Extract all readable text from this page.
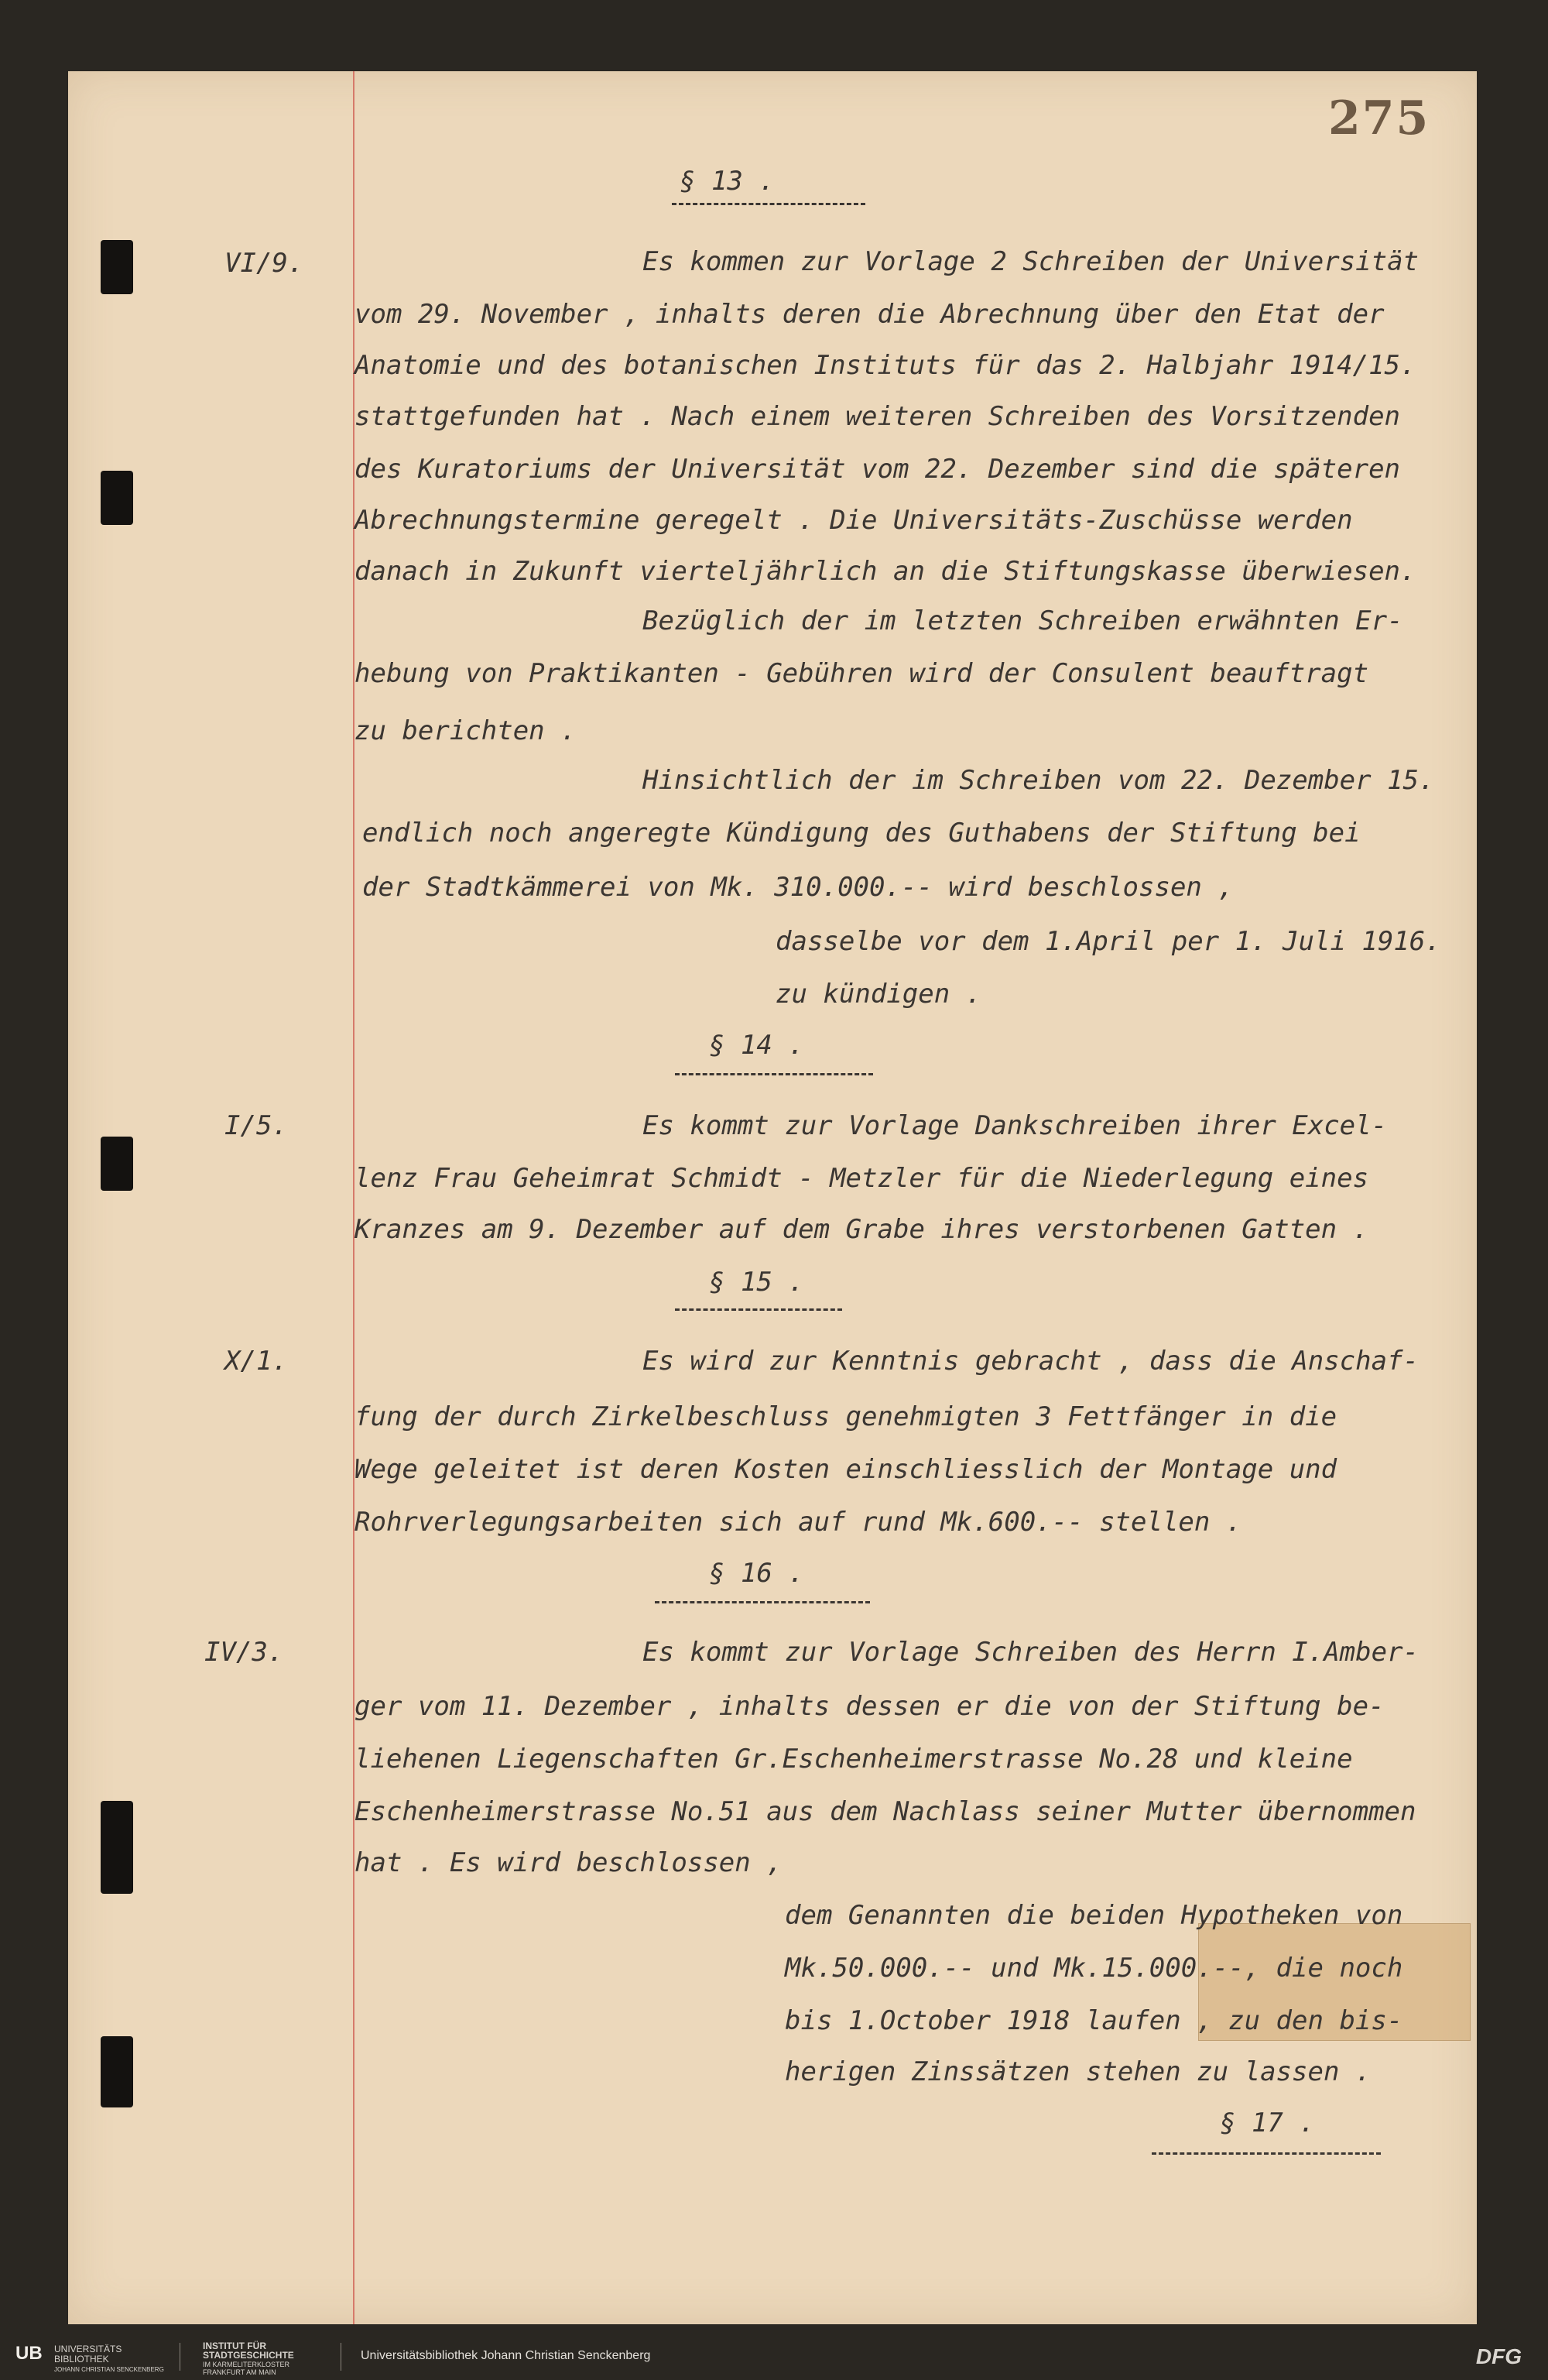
275
§ 13 .
VI/9.	Es kommen zur Vorlage 2 Schreiben der Universität
vom 29. November , inhalts deren die Abrechnung über den Etat der
Anatomie und des botanischen Instituts für das 2. Halbjahr 1914/15.
stattgefunden hat . Nach einem weiteren Schreiben des Vorsitzenden
des Kuratoriums der Universität vom 22. Dezember sind die späteren
Abrechnungstermine geregelt . Die Universitäts-Zuschüsse werden
danach in Zukunft vierteljährlich an die Stiftungskasse überwiesen.
Bezüglich der im letzten Schreiben erwähnten Er-
hebung von Praktikanten - Gebühren wird der Consulent beauftragt
zu berichten .
Hinsichtlich der im Schreiben vom 22. Dezember 15.
endlich noch angeregte Kündigung des Guthabens der Stiftung bei
der Stadtkämmerei von Mk. 310.000.-- wird beschlossen ,
dasselbe vor dem 1.April per 1. Juli 1916.
zu kündigen .
§ 14 .
I/5.	Es kommt zur Vorlage Dankschreiben ihrer Excel-
lenz Frau Geheimrat Schmidt - Metzler für die Niederlegung eines
Kranzes am 9. Dezember auf dem Grabe ihres verstorbenen Gatten .
§ 15 .
X/1.	Es wird zur Kenntnis gebracht , dass die Anschaf-
fung der durch Zirkelbeschluss genehmigten 3 Fettfänger in die
Wege geleitet ist deren Kosten einschliesslich der Montage und
Rohrverlegungsarbeiten sich auf rund Mk.600.-- stellen .
§ 16 .
IV/3.	Es kommt zur Vorlage Schreiben des Herrn I.Amber-
ger vom 11. Dezember , inhalts dessen er die von der Stiftung be-
liehenen Liegenschaften Gr.Eschenheimerstrasse No.28 und kleine
Eschenheimerstrasse No.51 aus dem Nachlass seiner Mutter übernommen
hat . Es wird beschlossen ,
dem Genannten die beiden Hypotheken von
Mk.50.000.-- und Mk.15.000.--, die noch
bis 1.October 1918 laufen , zu den bis-
herigen Zinssätzen stehen zu lassen .
§ 17 .
UB UNIVERSITÄTS
BIBLIOTHEK
JOHANN CHRISTIAN SENCKENBERG
INSTITUT FÜR
STADTGESCHICHTE
IM KARMELITERKLOSTER
FRANKFURT AM MAIN
Universitätsbibliothek Johann Christian Senckenberg	DFG
